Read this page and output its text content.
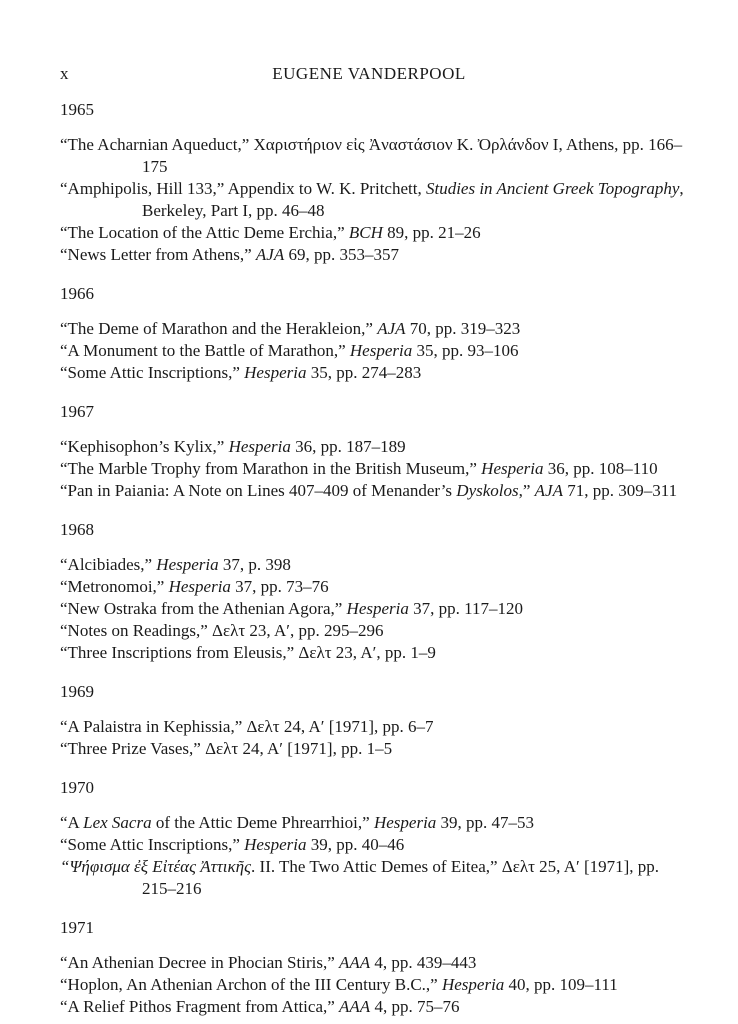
x	EUGENE VANDERPOOL
1965
“The Acharnian Aqueduct,” Χαριστήριον εἰς Ἀναστάσιον Κ. Ὀρλάνδον I, Athens, pp. 166–175
“Amphipolis, Hill 133,” Appendix to W. K. Pritchett, Studies in Ancient Greek Topography, Berkeley, Part I, pp. 46–48
“The Location of the Attic Deme Erchia,” BCH 89, pp. 21–26
“News Letter from Athens,” AJA 69, pp. 353–357
1966
“The Deme of Marathon and the Herakleion,” AJA 70, pp. 319–323
“A Monument to the Battle of Marathon,” Hesperia 35, pp. 93–106
“Some Attic Inscriptions,” Hesperia 35, pp. 274–283
1967
“Kephisophon’s Kylix,” Hesperia 36, pp. 187–189
“The Marble Trophy from Marathon in the British Museum,” Hesperia 36, pp. 108–110
“Pan in Paiania: A Note on Lines 407–409 of Menander’s Dyskolos,” AJA 71, pp. 309–311
1968
“Alcibiades,” Hesperia 37, p. 398
“Metronomoi,” Hesperia 37, pp. 73–76
“New Ostraka from the Athenian Agora,” Hesperia 37, pp. 117–120
“Notes on Readings,” Δελτ 23, Α′, pp. 295–296
“Three Inscriptions from Eleusis,” Δελτ 23, Α′, pp. 1–9
1969
“A Palaistra in Kephissia,” Δελτ 24, Α′ [1971], pp. 6–7
“Three Prize Vases,” Δελτ 24, Α′ [1971], pp. 1–5
1970
“A Lex Sacra of the Attic Deme Phrearrhioi,” Hesperia 39, pp. 47–53
“Some Attic Inscriptions,” Hesperia 39, pp. 40–46
“Ψήφισμα ἐξ Εἰτέας Ἀττικῆς. II. The Two Attic Demes of Eitea,” Δελτ 25, Α′ [1971], pp. 215–216
1971
“An Athenian Decree in Phocian Stiris,” AAA 4, pp. 439–443
“Hoplon, An Athenian Archon of the III Century B.C.,” Hesperia 40, pp. 109–111
“A Relief Pithos Fragment from Attica,” AAA 4, pp. 75–76
